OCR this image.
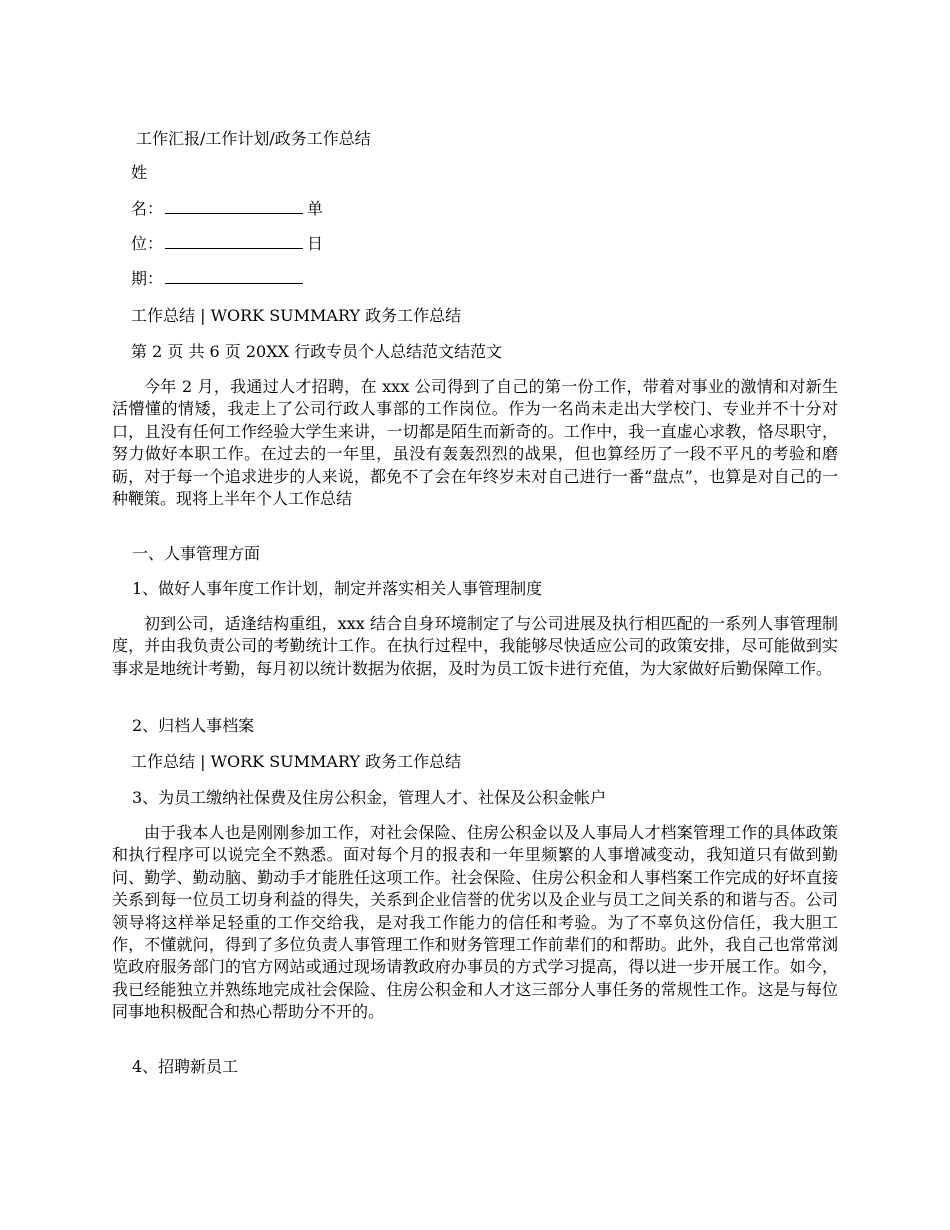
工作汇报/工作计划/政务工作总结
姓
名：	单
位：	日
期：
工作总结 | WORK SUMMARY 政务工作总结
第 2 页 共 6 页 20XX 行政专员个人总结范文结范文
今年 2 月，我通过人才招聘，在 xxx 公司得到了自己的第一份工作，带着对事业的激情和对新生活懵懂的情矮，我走上了公司行政人事部的工作岗位。作为一名尚未走出大学校门、专业并不十分对口，且没有任何工作经验大学生来讲，一切都是陌生而新奇的。工作中，我一直虚心求教，恪尽职守，努力做好本职工作。在过去的一年里，虽没有轰轰烈烈的战果，但也算经历了一段不平凡的考验和磨砺，对于每一个追求进步的人来说，都免不了会在年终岁未对自己进行一番“盘点”，也算是对自己的一种鞭策。现将上半年个人工作总结
一、人事管理方面
1、做好人事年度工作计划，制定并落实相关人事管理制度
初到公司，适逢结构重组，xxx 结合自身环境制定了与公司进展及执行相匹配的一系列人事管理制度，并由我负责公司的考勤统计工作。在执行过程中，我能够尽快适应公司的政策安排，尽可能做到实事求是地统计考勤，每月初以统计数据为依据，及时为员工饭卡进行充值，为大家做好后勤保障工作。
2、归档人事档案
工作总结 | WORK SUMMARY 政务工作总结
3、为员工缴纳社保费及住房公积金，管理人才、社保及公积金帐户
由于我本人也是刚刚参加工作，对社会保险、住房公积金以及人事局人才档案管理工作的具体政策和执行程序可以说完全不熟悉。面对每个月的报表和一年里频繁的人事增减变动，我知道只有做到勤问、勤学、勤动脑、勤动手才能胜任这项工作。社会保险、住房公积金和人事档案工作完成的好坏直接关系到每一位员工切身利益的得失，关系到企业信誉的优劣以及企业与员工之间关系的和谐与否。公司领导将这样举足轻重的工作交给我，是对我工作能力的信任和考验。为了不辜负这份信任，我大胆工作，不懂就问，得到了多位负责人事管理工作和财务管理工作前辈们的和帮助。此外，我自己也常常浏览政府服务部门的官方网站或通过现场请教政府办事员的方式学习提高，得以进一步开展工作。如今，我已经能独立并熟练地完成社会保险、住房公积金和人才这三部分人事任务的常规性工作。这是与每位同事地积极配合和热心帮助分不开的。
4、招聘新员工
